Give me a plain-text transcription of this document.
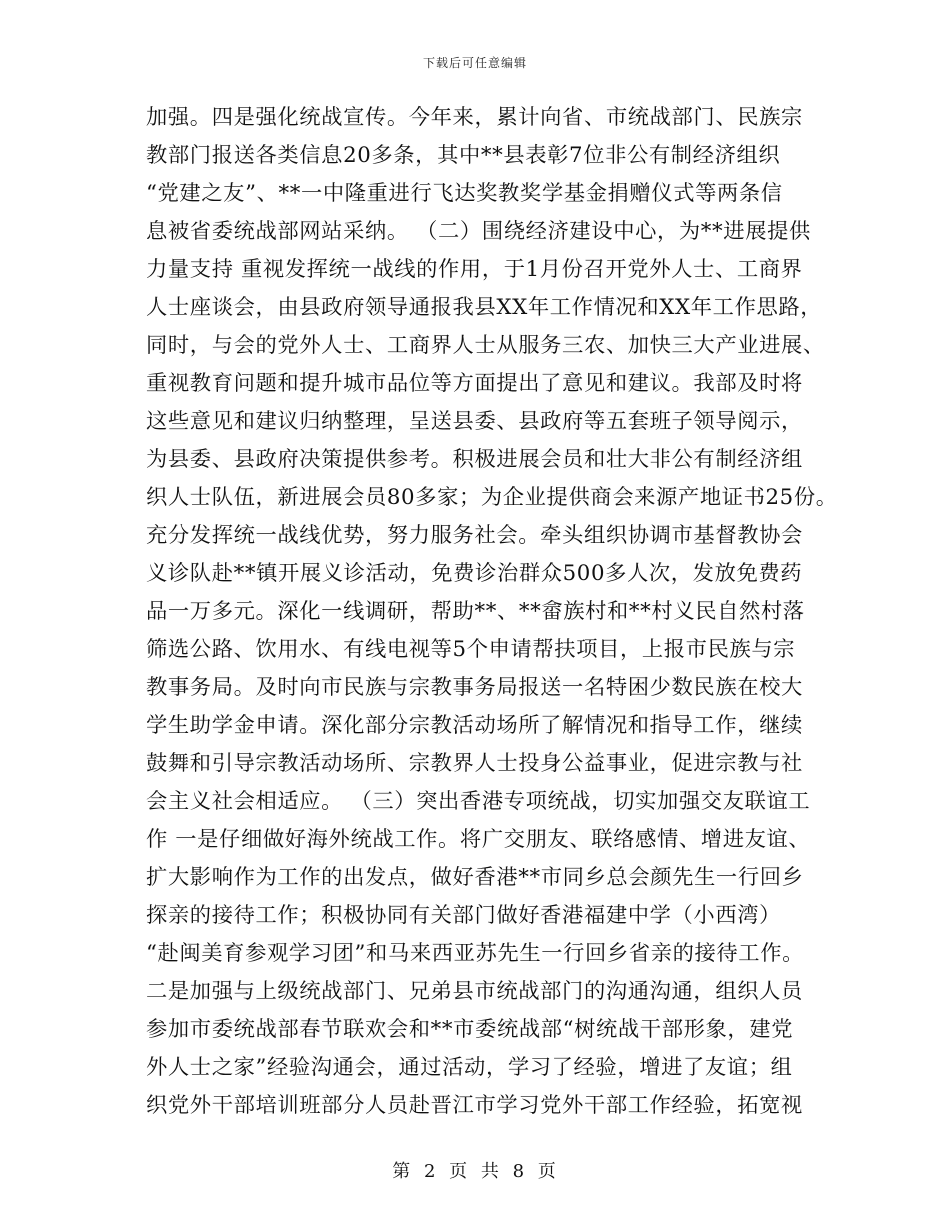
下载后可任意编辑
加强。四是强化统战宣传。今年来，累计向省、市统战部门、民族宗
教部门报送各类信息20多条，其中**县表彰7位非公有制经济组织
“党建之友”、**一中隆重进行飞达奖教奖学基金捐赠仪式等两条信
息被省委统战部网站采纳。 （二）围绕经济建设中心，为**进展提供
力量支持 重视发挥统一战线的作用，于1月份召开党外人士、工商界
人士座谈会，由县政府领导通报我县XX年工作情况和XX年工作思路，
同时，与会的党外人士、工商界人士从服务三农、加快三大产业进展、
重视教育问题和提升城市品位等方面提出了意见和建议。我部及时将
这些意见和建议归纳整理，呈送县委、县政府等五套班子领导阅示，
为县委、县政府决策提供参考。积极进展会员和壮大非公有制经济组
织人士队伍，新进展会员80多家；为企业提供商会来源产地证书25份。
充分发挥统一战线优势，努力服务社会。牵头组织协调市基督教协会
义诊队赴**镇开展义诊活动，免费诊治群众500多人次，发放免费药
品一万多元。深化一线调研，帮助**、**畲族村和**村义民自然村落
筛选公路、饮用水、有线电视等5个申请帮扶项目，上报市民族与宗
教事务局。及时向市民族与宗教事务局报送一名特困少数民族在校大
学生助学金申请。深化部分宗教活动场所了解情况和指导工作，继续
鼓舞和引导宗教活动场所、宗教界人士投身公益事业，促进宗教与社
会主义社会相适应。 （三）突出香港专项统战，切实加强交友联谊工
作 一是仔细做好海外统战工作。将广交朋友、联络感情、增进友谊、
扩大影响作为工作的出发点，做好香港**市同乡总会颜先生一行回乡
探亲的接待工作；积极协同有关部门做好香港福建中学（小西湾）
“赴闽美育参观学习团”和马来西亚苏先生一行回乡省亲的接待工作。
二是加强与上级统战部门、兄弟县市统战部门的沟通沟通，组织人员
参加市委统战部春节联欢会和**市委统战部“树统战干部形象，建党
外人士之家”经验沟通会，通过活动，学习了经验，增进了友谊；组
织党外干部培训班部分人员赴晋江市学习党外干部工作经验，拓宽视
第 2 页 共 8 页
